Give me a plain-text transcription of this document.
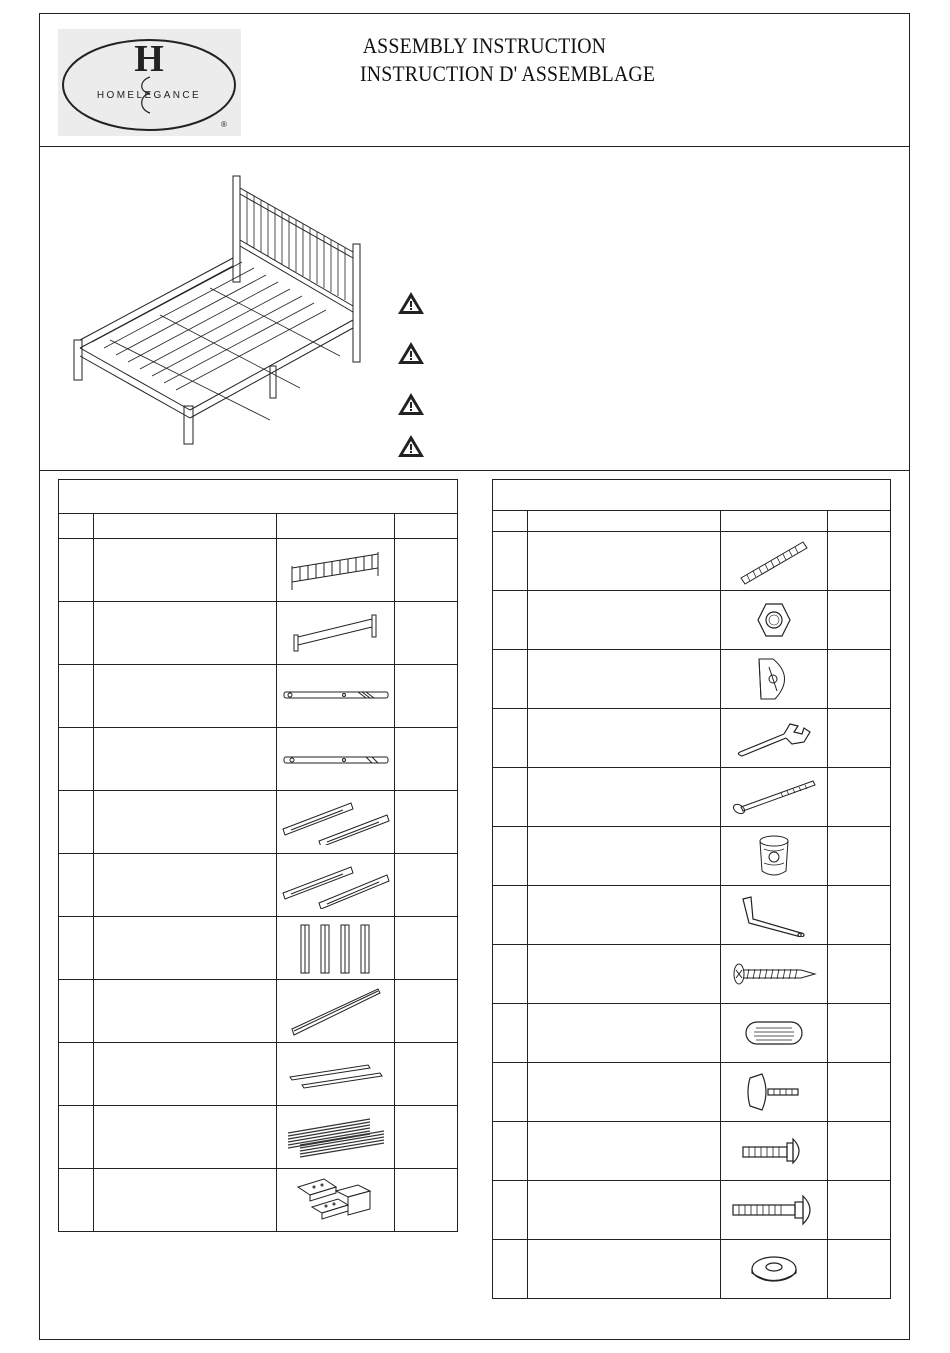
H
HOMELEGANCE
®
ASSEMBLY INSTRUCTION
INSTRUCTION D' ASSEMBLAGE
